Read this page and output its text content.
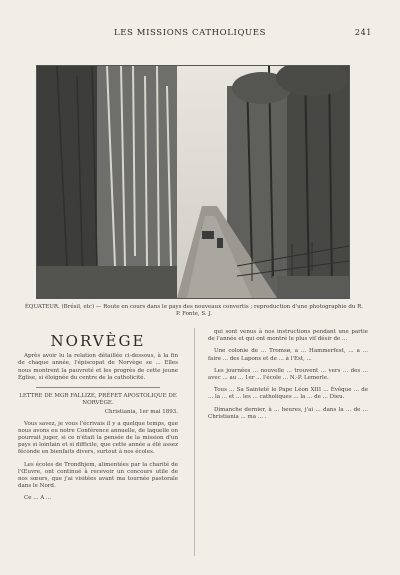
LES MISSIONS CATHOLIQUES	241
ÉQUATEUR. (Brésil, etc) — Route en cours dans le pays des nouveaux convertis ; reproduction d'une photographie du R. P. Fonte, S. J.
NORVÈGE

Après avoir lu la relation détaillée ci-dessous, à la fin de chaque année, l'épiscopat de Norvège se ... Elles nous montrent la pauvreté et les progrès de cette jeune Église, si éloignée du centre de la catholicité.

LETTRE DE MGR FALLIZE, PRÉFET APOSTOLIQUE DE NORVÈGE.
Christiania, 1er mai 1893.

Vous savez, je vous l'écrivais il y a quelque temps, que nous avons eu notre Conférence annuelle, de laquelle on pourrait juger, si ce n'était la pensée de la mission d'un pays si lointain et si difficile, que cette année a été assez féconde en bienfaits divers, surtout à nos écoles.

Les écoles de Trondhjem, alimentées par la charité de l'Œuvre, ont continué à recevoir un concours utile de nos sœurs, que j'ai visitées avant ma tournée pastorale dans le Nord.

Ce ... A ...

qui sont venus à nos instructions pendant une partie de l'année et qui ont montré le plus vif désir de ...

Une colonie de ... Tromsø, a ... Hammerfest, ... a ... faire ... des Lapons et de ... à l'Est, ...

Les journées ... nouvelle ... trouvent ... vers ... des ... avec ... au ... 1er ... l'école ... N.-P. Lemerle.

Tous ... Sa Sainteté le Pape Léon XIII ... Évêque ... de ... la ... et ... les ... catholiques ... la ... de ... Dieu.

Dimanche dernier, à ... heures, j'ai ... dans la ... de ... Christiania ... ma ... .
